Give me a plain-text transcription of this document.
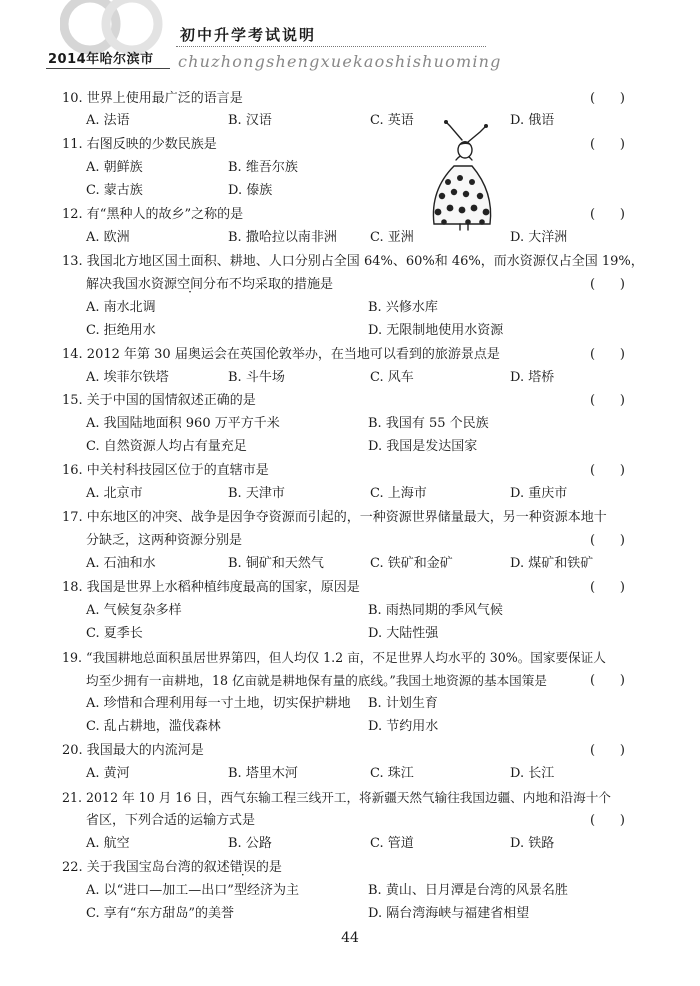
初中升学考试说明
2014年哈尔滨市 chuzhongshengxuekaoshishuoming
10. 世界上使用最广泛的语言是	(      )
A. 法语	B. 汉语	C. 英语	D. 俄语
11. 右图反映的少数民族是	(      )
A. 朝鲜族	B. 维吾尔族
C. 蒙古族	D. 傣族
12. 有“黑种人的故乡”之称的是	(      )
A. 欧洲	B. 撒哈拉以南非洲	C. 亚洲	D. 大洋洲
13. 我国北方地区国土面积、耕地、人口分别占全国 64%、60%和 46%，而水资源仅占全国 19%，
解决我国水资源空间分布不均采取的措施是	(      )
A. 南水北调	B. 兴修水库
C. 拒绝用水	D. 无限制地使用水资源
14. 2012 年第 30 届奥运会在英国伦敦举办，在当地可以看到的旅游景点是	(      )
A. 埃菲尔铁塔	B. 斗牛场	C. 风车	D. 塔桥
15. 关于中国的国情叙述正确的是	(      )
A. 我国陆地面积 960 万平方千米	B. 我国有 55 个民族
C. 自然资源人均占有量充足	D. 我国是发达国家
16. 中关村科技园区位于的直辖市是	(      )
A. 北京市	B. 天津市	C. 上海市	D. 重庆市
17. 中东地区的冲突、战争是因争夺资源而引起的，一种资源世界储量最大，另一种资源本地十
分缺乏，这两种资源分别是	(      )
A. 石油和水	B. 铜矿和天然气	C. 铁矿和金矿	D. 煤矿和铁矿
18. 我国是世界上水稻种植纬度最高的国家，原因是	(      )
A. 气候复杂多样	B. 雨热同期的季风气候
C. 夏季长	D. 大陆性强
19. “我国耕地总面积虽居世界第四，但人均仅 1.2 亩，不足世界人均水平的 30%。国家要保证人
均至少拥有一亩耕地，18 亿亩就是耕地保有量的底线。”我国土地资源的基本国策是	(      )
A. 珍惜和合理利用每一寸土地，切实保护耕地 B. 计划生育
C. 乱占耕地，滥伐森林	D. 节约用水
20. 我国最大的内流河是	(      )
A. 黄河	B. 塔里木河	C. 珠江	D. 长江
21. 2012 年 10 月 16 日，西气东输工程三线开工，将新疆天然气输往我国边疆、内地和沿海十个
省区，下列合适的运输方式是	(      )
A. 航空	B. 公路	C. 管道	D. 铁路
22. 关于我国宝岛台湾的叙述错误的是
A. 以“进口—加工—出口”型经济为主	B. 黄山、日月潭是台湾的风景名胜
C. 享有“东方甜岛”的美誉	D. 隔台湾海峡与福建省相望
44
